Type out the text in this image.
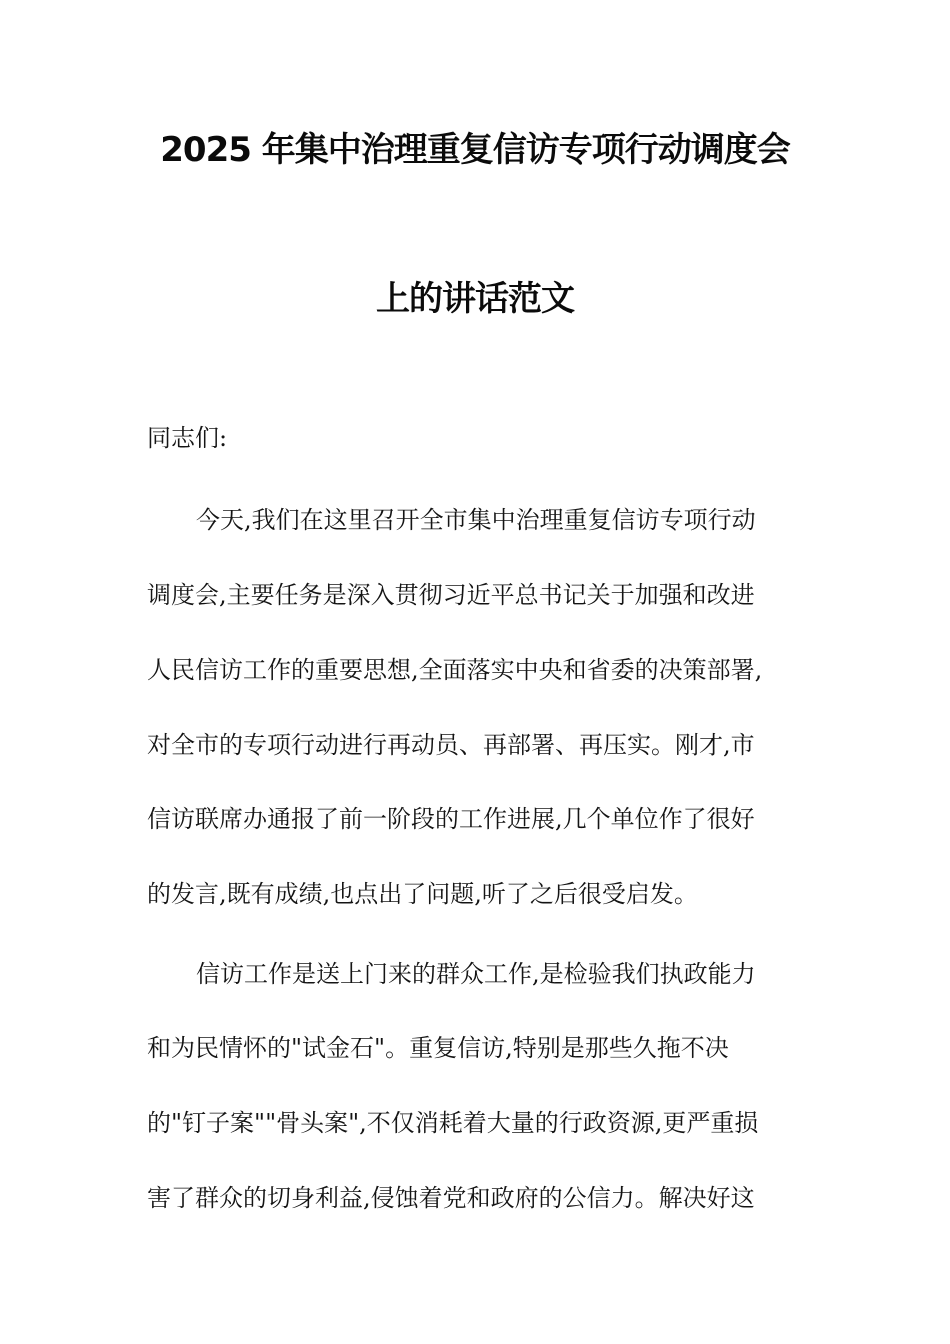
2025 年集中治理重复信访专项行动调度会
上的讲话范文
同志们:
今天,我们在这里召开全市集中治理重复信访专项行动
调度会,主要任务是深入贯彻习近平总书记关于加强和改进
人民信访工作的重要思想,全面落实中央和省委的决策部署,
对全市的专项行动进行再动员、再部署、再压实。刚才,市
信访联席办通报了前一阶段的工作进展,几个单位作了很好
的发言,既有成绩,也点出了问题,听了之后很受启发。
信访工作是送上门来的群众工作,是检验我们执政能力
和为民情怀的"试金石"。重复信访,特别是那些久拖不决
的"钉子案""骨头案",不仅消耗着大量的行政资源,更严重损
害了群众的切身利益,侵蚀着党和政府的公信力。解决好这
